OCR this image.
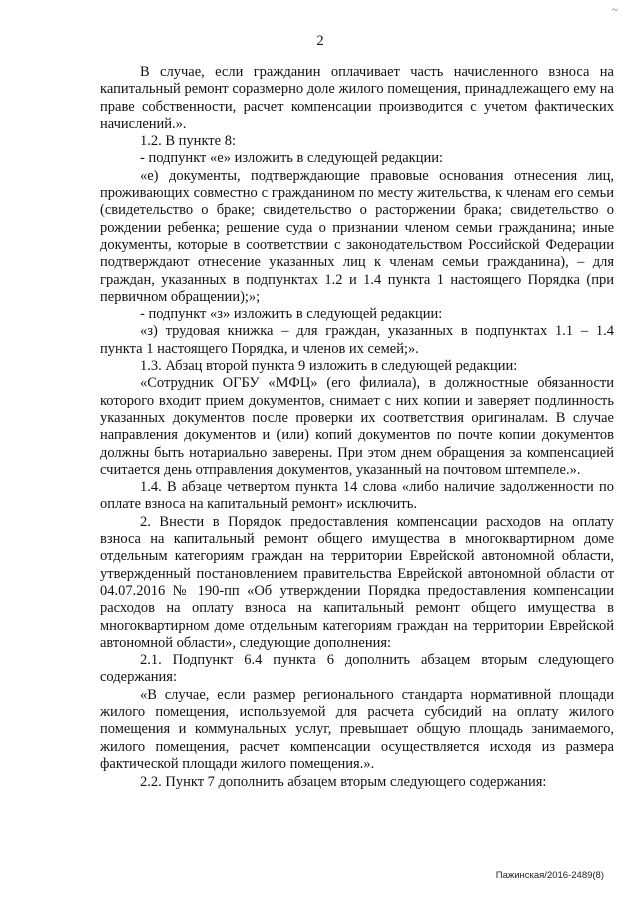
~
2

В случае, если гражданин оплачивает часть начисленного взноса на капитальный ремонт соразмерно доле жилого помещения, принадлежащего ему на праве собственности, расчет компенсации производится с учетом фактических начислений.».

1.2. В пункте 8:

- подпункт «е» изложить в следующей редакции:

«е) документы, подтверждающие правовые основания отнесения лиц, проживающих совместно с гражданином по месту жительства, к членам его семьи (свидетельство о браке; свидетельство о расторжении брака; свидетельство о рождении ребенка; решение суда о признании членом семьи гражданина; иные документы, которые в соответствии с законодательством Российской Федерации подтверждают отнесение указанных лиц к членам семьи гражданина), – для граждан, указанных в подпунктах 1.2 и 1.4 пункта 1 настоящего Порядка (при первичном обращении);»;

- подпункт «з» изложить в следующей редакции:

«з) трудовая книжка – для граждан, указанных в подпунктах 1.1 – 1.4 пункта 1 настоящего Порядка, и членов их семей;».

1.3. Абзац второй пункта 9 изложить в следующей редакции:

«Сотрудник ОГБУ «МФЦ» (его филиала), в должностные обязанности которого входит прием документов, снимает с них копии и заверяет подлинность указанных документов после проверки их соответствия оригиналам. В случае направления документов и (или) копий документов по почте копии документов должны быть нотариально заверены. При этом днем обращения за компенсацией считается день отправления документов, указанный на почтовом штемпеле.».

1.4. В абзаце четвертом пункта 14 слова «либо наличие задолженности по оплате взноса на капитальный ремонт» исключить.

2. Внести в Порядок предоставления компенсации расходов на оплату взноса на капитальный ремонт общего имущества в многоквартирном доме отдельным категориям граждан на территории Еврейской автономной области, утвержденный постановлением правительства Еврейской автономной области от 04.07.2016 № 190-пп «Об утверждении Порядка предоставления компенсации расходов на оплату взноса на капитальный ремонт общего имущества в многоквартирном доме отдельным категориям граждан на территории Еврейской автономной области», следующие дополнения:

2.1. Подпункт 6.4 пункта 6 дополнить абзацем вторым следующего содержания:

«В случае, если размер регионального стандарта нормативной площади жилого помещения, используемой для расчета субсидий на оплату жилого помещения и коммунальных услуг, превышает общую площадь занимаемого, жилого помещения, расчет компенсации осуществляется исходя из размера фактической площади жилого помещения.».

2.2. Пункт 7 дополнить абзацем вторым следующего содержания:

Пажинская/2016-2489(8)
